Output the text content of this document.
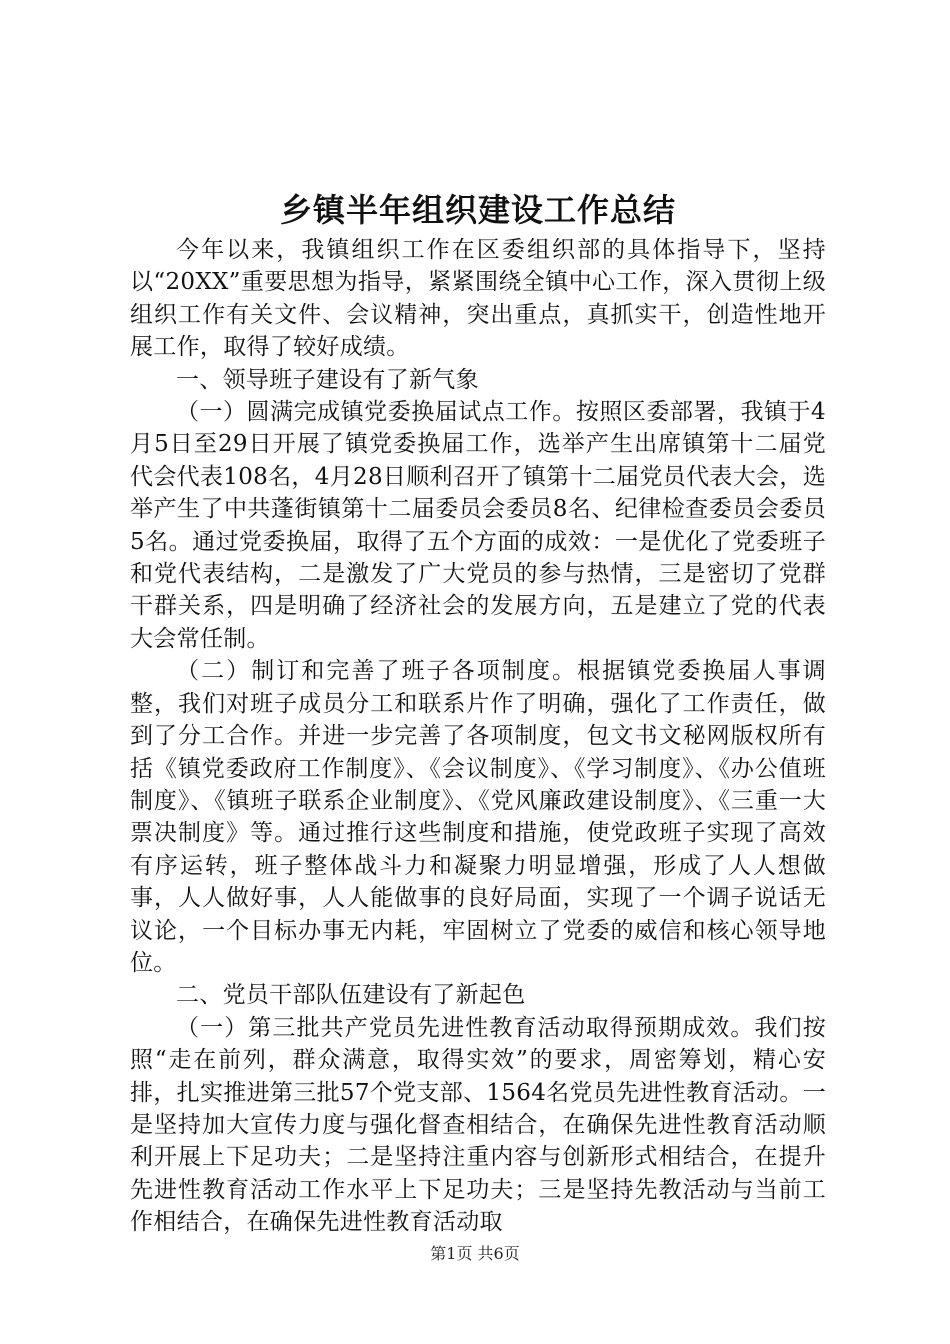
乡镇半年组织建设工作总结

今年以来，我镇组织工作在区委组织部的具体指导下，坚持以“20XX”重要思想为指导，紧紧围绕全镇中心工作，深入贯彻上级组织工作有关文件、会议精神，突出重点，真抓实干，创造性地开展工作，取得了较好成绩。

一、领导班子建设有了新气象

（一）圆满完成镇党委换届试点工作。按照区委部署，我镇于4月5日至29日开展了镇党委换届工作，选举产生出席镇第十二届党代会代表108名，4月28日顺利召开了镇第十二届党员代表大会，选举产生了中共蓬街镇第十二届委员会委员8名、纪律检查委员会委员5名。通过党委换届，取得了五个方面的成效：一是优化了党委班子和党代表结构，二是激发了广大党员的参与热情，三是密切了党群干群关系，四是明确了经济社会的发展方向，五是建立了党的代表大会常任制。

（二）制订和完善了班子各项制度。根据镇党委换届人事调整，我们对班子成员分工和联系片作了明确，强化了工作责任，做到了分工合作。并进一步完善了各项制度，包文书文秘网版权所有括《镇党委政府工作制度》、《会议制度》、《学习制度》、《办公值班制度》、《镇班子联系企业制度》、《党风廉政建设制度》、《三重一大票决制度》等。通过推行这些制度和措施，使党政班子实现了高效有序运转，班子整体战斗力和凝聚力明显增强，形成了人人想做事，人人做好事，人人能做事的良好局面，实现了一个调子说话无议论，一个目标办事无内耗，牢固树立了党委的威信和核心领导地位。

二、党员干部队伍建设有了新起色

（一）第三批共产党员先进性教育活动取得预期成效。我们按照“走在前列，群众满意，取得实效”的要求，周密筹划，精心安排，扎实推进第三批57个党支部、1564名党员先进性教育活动。一是坚持加大宣传力度与强化督查相结合，在确保先进性教育活动顺利开展上下足功夫；二是坚持注重内容与创新形式相结合，在提升先进性教育活动工作水平上下足功夫；三是坚持先教活动与当前工作相结合，在确保先进性教育活动取

第1页 共6页
